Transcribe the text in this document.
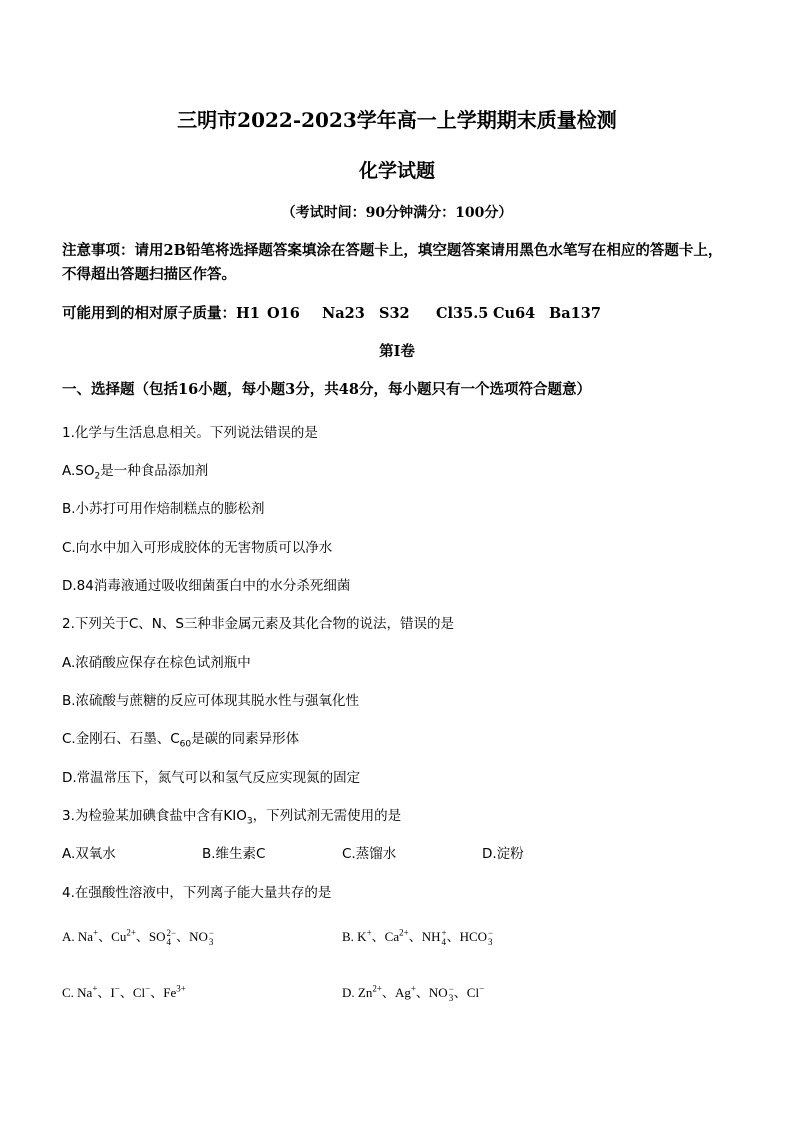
三明市2022-2023学年高一上学期期末质量检测
化学试题
（考试时间：90分钟满分：100分）
注意事项：请用2B铅笔将选择题答案填涂在答题卡上，填空题答案请用黑色水笔写在相应的答题卡上，不得超出答题扫描区作答。
可能用到的相对原子质量：H1 O16 Na23 S32 Cl35.5 Cu64 Ba137
第I卷
一、选择题（包括16小题，每小题3分，共48分，每小题只有一个选项符合题意）
1.化学与生活息息相关。下列说法错误的是
$A.SO_2$是一种食品添加剂
B.小苏打可用作焙制糕点的膨松剂
C.向水中加入可形成胶体的无害物质可以净水
D.84消毒液通过吸收细菌蛋白中的水分杀死细菌
2.下列关于C、N、S三种非金属元素及其化合物的说法，错误的是
A.浓硝酸应保存在棕色试剂瓶中
B.浓硫酸与蔗糖的反应可体现其脱水性与强氧化性
C.金刚石、石墨、$C_{60}$是碳的同素异形体
D.常温常压下，氮气可以和氢气反应实现氮的固定
3.为检验某加碘食盐中含有$KIO_3$，下列试剂无需使用的是
A.双氧水	B.维生素C	C.蒸馏水	D.淀粉
4.在强酸性溶液中，下列离子能大量共存的是
A. Na+、$Cu^{2+}$、SO 2−
4 、NO −
3	B. K+、$Ca^{2+}$、NH +
4 、HCO −
3
C. Na+、I−、Cl−、$Fe^{3+}$	D. $Zn^{2+}$、Ag+、NO −
3 、Cl−
